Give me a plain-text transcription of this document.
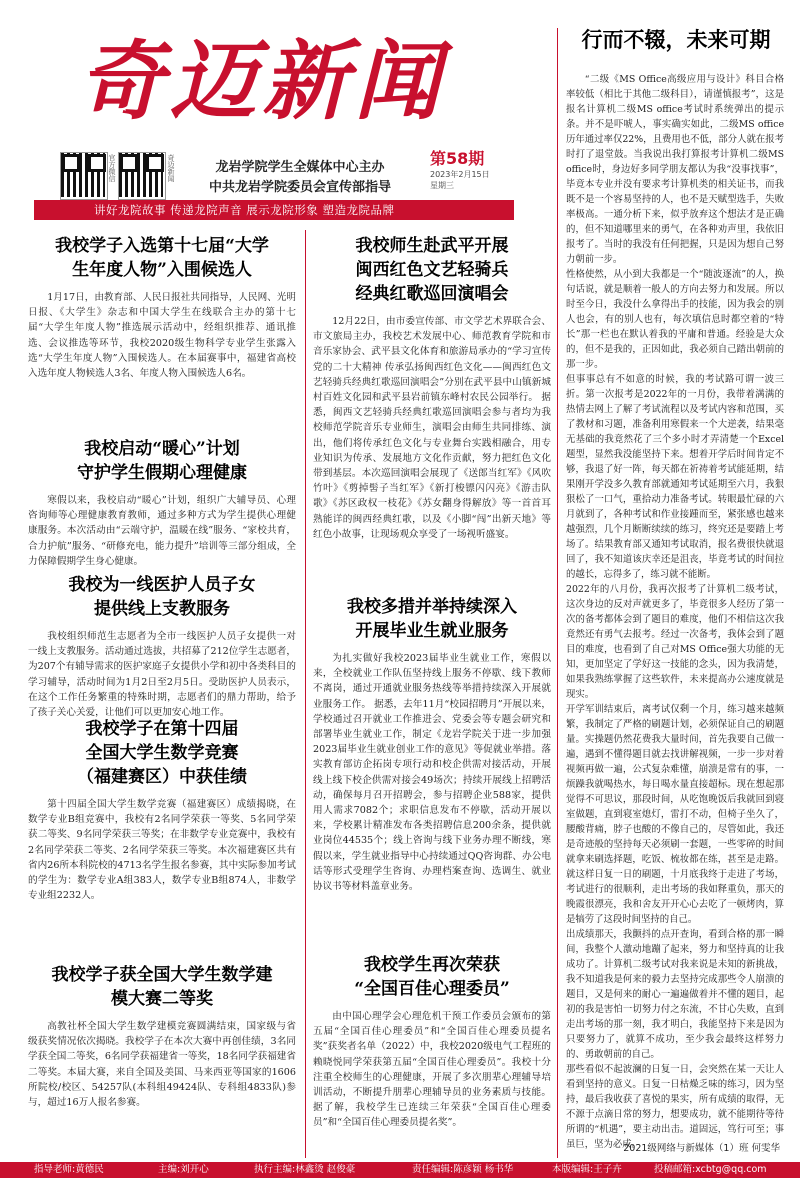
奇迈新闻
官方微信	奇迈新闻	龙岩学院学生全媒体中心主办
中共龙岩学院委员会宣传部指导
第58期
2023年2月15日
星期三
讲好龙院故事 传递龙院声音 展示龙院形象 塑造龙院品牌
我校学子入选第十七届“大学
生年度人物”入围候选人

1月17日，由教育部、人民日报社共同指导，人民网、光明日报、《大学生》杂志和中国大学生在线联合主办的第十七届“大学生年度人物”推选展示活动中，经组织推荐、通讯推选、会议推选等环节，我校2020级生物科学专业学生张露入选“大学生年度人物”入围候选人。在本届赛事中，福建省高校入选年度人物候选人3名、年度人物入围候选人6名。

我校启动“暖心”计划
守护学生假期心理健康

寒假以来，我校启动“暖心”计划，组织广大辅导员、心理咨询师等心理健康教育教师，通过多种方式为学生提供心理健康服务。本次活动由“云端守护，温暖在线”服务、“家校共育，合力护航”服务、“研修充电，能力提升”培训等三部分组成，全力保障假期学生身心健康。

我校为一线医护人员子女
提供线上支教服务

我校组织师范生志愿者为全市一线医护人员子女提供一对一线上支教服务。活动通过选拔，共招募了212位学生志愿者，为207个有辅导需求的医护家庭子女提供小学和初中各类科目的学习辅导，活动时间为1月2日至2月5日。受助医护人员表示，在这个工作任务繁重的特殊时期，志愿者们的鼎力帮助，给予了孩子关心关爱，让他们可以更加安心地工作。

我校学子在第十四届
全国大学生数学竞赛
（福建赛区）中获佳绩

第十四届全国大学生数学竞赛（福建赛区）成绩揭晓，在数学专业B组竞赛中，我校有2名同学荣获一等奖、5名同学荣获二等奖、9名同学荣获三等奖；在非数学专业竞赛中，我校有2名同学荣获二等奖、2名同学荣获三等奖。本次福建赛区共有省内26所本科院校的4713名学生报名参赛，其中实际参加考试的学生为：数学专业A组383人，数学专业B组874人，非数学专业组2232人。

我校学子获全国大学生数学建
模大赛二等奖

高教社杯全国大学生数学建模竞赛圆满结束，国家级与省级获奖情况依次揭晓。我校学子在本次大赛中再创佳绩，3名同学获全国二等奖，6名同学获福建省一等奖，18名同学获福建省二等奖。本届大赛，来自全国及美国、马来西亚等国家的1606所院校/校区、54257队(本科组49424队、专科组4833队)参与，超过16万人报名参赛。

我校师生赴武平开展
闽西红色文艺轻骑兵
经典红歌巡回演唱会

12月22日，由市委宣传部、市文学艺术界联合会、市文旅局主办，我校艺术发展中心、师范教育学院和市音乐家协会、武平县文化体育和旅游局承办的“学习宣传党的二十大精神 传承弘扬闽西红色文化——闽西红色文艺轻骑兵经典红歌巡回演唱会”分别在武平县中山镇新城村百姓文化园和武平县岩前镇东峰村农民公园举行。 据悉，闽西文艺轻骑兵经典红歌巡回演唱会参与者均为我校师范学院音乐专业师生，演唱会由师生共同排练、演出，他们将传承红色文化与专业舞台实践相融合，用专业知识为传承、发展地方文化作贡献，努力把红色文化带到基层。本次巡回演唱会展现了《送郎当红军》《风吹竹叶》《剪掉髻子当红军》《新打梭镖闪闪亮》《游击队歌》《苏区政权一枝花》《苏女翻身得解放》等一首首耳熟能详的闽西经典红歌，以及《小脚“闯”出新天地》等红色小故事，让现场观众享受了一场视听盛宴。

我校多措并举持续深入
开展毕业生就业服务

为扎实做好我校2023届毕业生就业工作，寒假以来，全校就业工作队伍坚持线上服务不停歇、线下教师不离岗，通过开通就业服务热线等举措持续深入开展就业服务工作。 据悉，去年11月“校园招聘月”开展以来，学校通过召开就业工作推进会、党委会等专题会研究和部署毕业生就业工作，制定《龙岩学院关于进一步加强2023届毕业生就业创业工作的意见》等促就业举措。落实教育部访企拓岗专项行动和校企供需对接活动，开展线上线下校企供需对接会49场次；持续开展线上招聘活动，确保每月召开招聘会，参与招聘企业588家，提供用人需求7082个；求职信息发布不停歇，活动开展以来，学校累计精准发布各类招聘信息200余条，提供就业岗位44535个；线上咨询与线下业务办理不断线，寒假以来，学生就业指导中心持续通过QQ咨询群、办公电话等形式受理学生咨询、办理档案查询、选调生、就业协议书等材料盖章业务。

我校学生再次荣获
“全国百佳心理委员”

由中国心理学会心理危机干预工作委员会颁布的第五届“全国百佳心理委员”和“全国百佳心理委员提名奖”获奖者名单（2022）中，我校2020级电气工程班的赖晓悦同学荣获第五届“全国百佳心理委员”。我校十分注重全校师生的心理健康，开展了多次朋辈心理辅导培训活动，不断提升朋辈心理辅导员的业务素质与技能。据了解，我校学生已连续三年荣获“全国百佳心理委员”和“全国百佳心理委员提名奖”。

行而不辍，未来可期

“二级《MS Office高级应用与设计》科目合格率较低（相比于其他二级科目），请谨慎报考”，这是报名计算机二级MS office考试时系统弹出的提示条。并不是吓唬人，事实确实如此，二级MS office历年通过率仅22%，且费用也不低，部分人就在报考时打了退堂鼓。当我说出我打算报考计算机二级MS office时，身边好多同学朋友都认为我“没事找事”，毕竟本专业并没有要求考计算机类的相关证书，而我既不是一个容易坚持的人，也不是天赋型选手，失败率极高。一通分析下来，似乎放弃这个想法才是正确的，但不知道哪里来的勇气，在各种劝声里，我依旧报考了。当时的我没有任何把握，只是因为想自己努力朝前一步。
性格使然，从小到大我都是一个“随波逐流”的人，换句话说，就是顺着一般人的方向去努力和发展。所以时至今日，我没什么拿得出手的技能，因为我会的别人也会，有的别人也有，每次填信息时都空着的“特长”那一栏也在默认着我的平庸和普通。经验是大众的，但不是我的，正因如此，我必须自己踏出朝前的那一步。
但事事总有不如意的时候，我的考试路可谓一波三折。第一次报考是2022年的一月份，我带着满满的热情去网上了解了考试流程以及考试内容和范围，买了教材和习题，准备利用寒假来一个大逆袭，结果毫无基础的我竟然花了三个多小时才弄清楚一个Excel题型，显然我没能坚持下来。想着开学后时间肯定不够，我退了好一阵，每天都在祈祷着考试能延期，结果刚开学没多久教育部就通知考试延期至六月，我狠狠松了一口气，重拾动力准备考试。转眼最忙碌的六月就到了，各种考试和作业接踵而至，紧张感也越来越强烈，几个月断断续续的练习，终究还是要踏上考场了。结果教育部又通知考试取消，报名费很快就退回了，我不知道该庆幸还是沮丧，毕竟考试的时间拉的越长，忘得多了，练习就不能断。
2022年的八月份，我再次报考了计算机二级考试，这次身边的反对声就更多了，毕竟很多人经历了第一次的备考都体会到了题目的难度，他们不相信这次我竟然还有勇气去报考。经过一次备考，我体会到了题目的难度，也看到了自己对MS Office强大功能的无知，更加坚定了学好这一技能的念头，因为我清楚，如果我熟练掌握了这些软件，未来提高办公速度就是现实。
开学军训结束后，离考试仅剩一个月，练习越来越频繁，我制定了严格的刷题计划，必须保证自己的刷题量。实操题仍然花费我大量时间，首先我要自己做一遍，遇到不懂得题目就去找讲解视频，一步一步对着视频再做一遍，公式复杂难懂，崩溃是常有的事，一烦躁我就喝热水，每日喝水量直接超标。现在想起那觉得不可思议，那段时间，从吃饱晚饭后我就回到寝室做题，直到寝室熄灯，雷打不动，但椅子坐久了，腰酸背痛，脖子也酸的不像自己的，尽管如此，我还是奇迹般的坚持每天必须刷一套题，一些零碎的时间就拿来刷选择题，吃饭、梳妆都在练，甚至是走路。就这样日复一日的刷题，十月底我终于走进了考场，考试进行的很顺利，走出考场的我如释重负，那天的晚霞很漂亮，我和舍友开开心心去吃了一顿烤肉，算是犒劳了这段时间坚持的自己。
出成绩那天，我颤抖的点开查询，看到合格的那一瞬间，我整个人激动地蹦了起来，努力和坚持真的让我成功了。计算机二级考试对我来说是未知的新挑战，我不知道我是何来的毅力去坚持完成那些令人崩溃的题目，又是何来的耐心一遍遍做着并不懂的题目，起初的我是害怕一切努力付之东流，不甘心失败，直到走出考场的那一刻，我才明白，我能坚持下来是因为只要努力了，就算不成功，至少我会最终这样努力的、勇敢朝前的自己。
那些看似不起波澜的日复一日，会突然在某一天让人看到坚持的意义。日复一日枯燥乏味的练习，因为坚持，最后我收获了喜悦的果实，所有成绩的取得，无不源于点滴日常的努力，想要成功，就不能期待等待所谓的“机遇”，要主动出击。道固远，笃行可至；事虽巨，坚为必成。

2021级网络与新媒体（1）班 何雯华
指导老师:黄德民	主编:刘开心	执行主编:林鑫烫 赵俊豪	责任编辑:陈彦颖 杨书华	本版编辑:王子卉	投稿邮箱:xcbtg@qq.com
